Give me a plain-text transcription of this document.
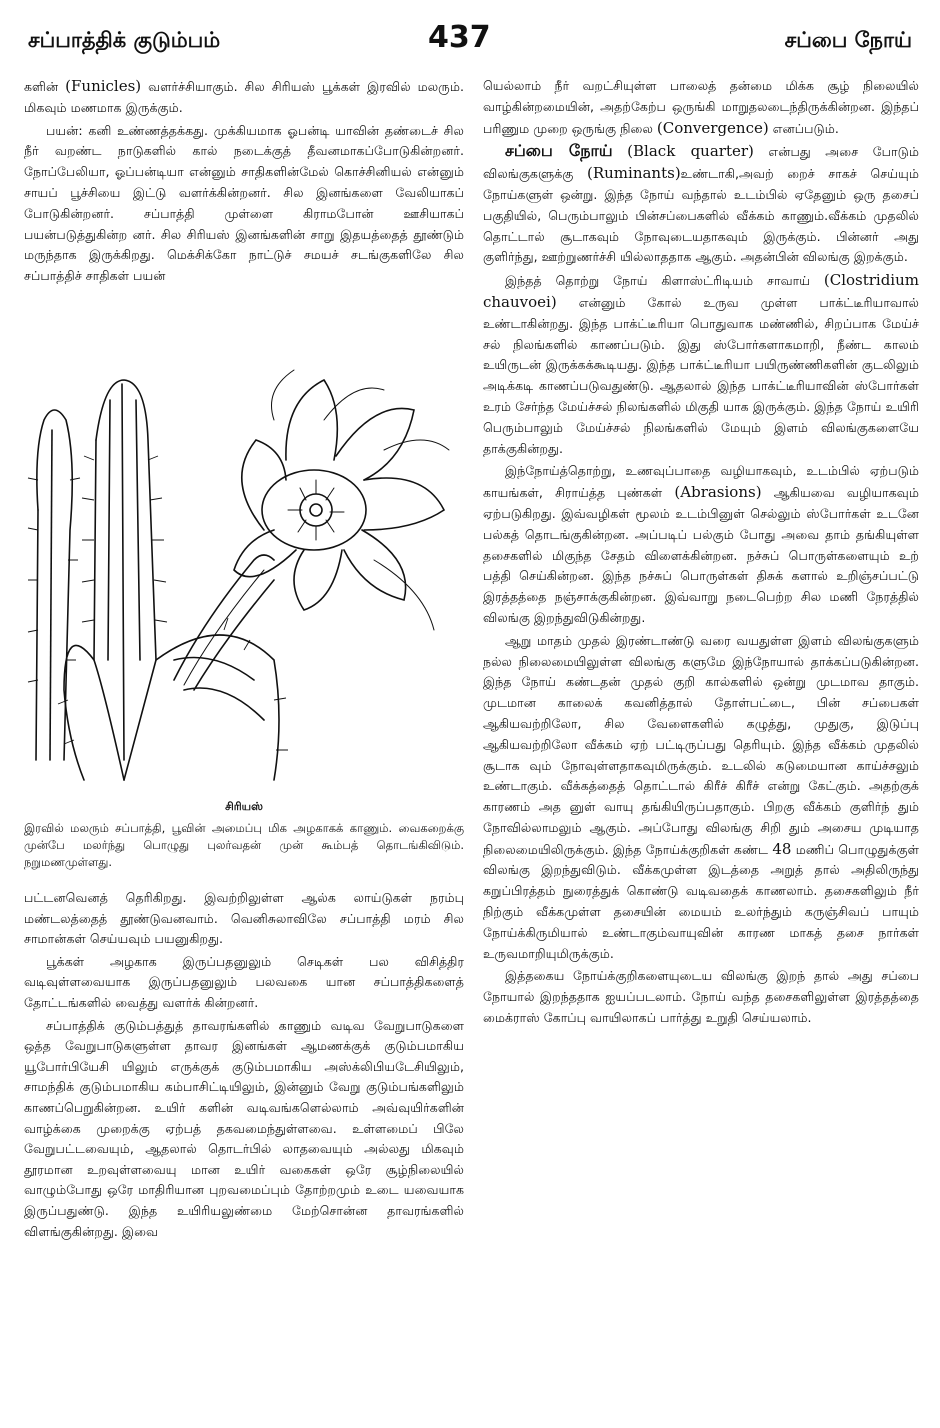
சப்பாத்திக் குடும்பம்	437	சப்பை நோய்

களின் (Funicles) வளர்ச்சியாகும். சில சிரியஸ் பூக்கள் இரவில் மலரும். மிகவும் மணமாக இருக்கும்.

பயன்: கனி உண்ணத்தக்கது. முக்கியமாக ஓபன்டி யாவின் தண்டைச் சில நீர் வறண்ட நாடுகளில் கால் நடைக்குத் தீவனமாகப்போடுகின்றனர். நோப்பேலியா, ஓப்பன்டியா என்னும் சாதிகளின்மேல் கொச்சினியல் என்னும் சாயப் பூச்சியை இட்டு வளர்க்கின்றனர். சில இனங்களை வேலியாகப் போடுகின்றனர். சப்பாத்தி முள்ளை கிராமபோன் ஊசியாகப் பயன்படுத்துகின்ற னர். சில சிரியஸ் இனங்களின் சாறு இதயத்தைத் தூண்டும் மருந்தாக இருக்கிறது. மெக்சிக்கோ நாட்டுச் சமயச் சடங்குகளிலே சில சப்பாத்திச் சாதிகள் பயன்

சிரியஸ்
இரவில் மலரும் சப்பாத்தி, பூவின் அமைப்பு மிக அழகாகக் காணும். வைகறைக்கு முன்பே மலர்ந்து பொழுது புலர்வதன் முன் கூம்பத் தொடங்கிவிடும். நறுமணமுள்ளது.

பட்டனவெனத் தெரிகிறது. இவற்றிலுள்ள ஆல்க லாய்டுகள் நரம்பு மண்டலத்தைத் தூண்டுவனவாம். வெனிசுலாவிலே சப்பாத்தி மரம் சில சாமான்கள் செய்யவும் பயனுகிறது.

பூக்கள் அழகாக இருப்பதனுலும் செடிகள் பல விசித்திர வடிவுள்ளவையாக இருப்பதனுலும் பலவகை யான சப்பாத்திகளைத் தோட்டங்களில் வைத்து வளர்க் கின்றனர்.

சப்பாத்திக் குடும்பத்துத் தாவரங்களில் காணும் வடிவ வேறுபாடுகளை ஒத்த வேறுபாடுகளுள்ள தாவர இனங்கள் ஆமணக்குக் குடும்பமாகிய யூபோர்பியேசி யிலும் எருக்குக் குடும்பமாகிய அஸ்க்லிபியடேசியிலும், சாமந்திக் குடும்பமாகிய கம்பாசிட்டியிலும், இன்னும் வேறு குடும்பங்களிலும் காணப்பெறுகின்றன. உயிர் களின் வடிவங்களெல்லாம் அவ்வுயிர்களின் வாழ்க்கை முறைக்கு ஏற்பத் தகவமைந்துள்ளவை. உள்ளமைப் பிலே வேறுபட்டவையும், ஆதலால் தொடர்பில் லாதவையும் அல்லது மிகவும் தூரமான உறவுள்ளவையு மான உயிர் வகைகள் ஒரே சூழ்நிலையில் வாழும்போது ஒரே மாதிரியான புறவமைப்பும் தோற்றமும் உடை யவையாக இருப்பதுண்டு. இந்த உயிரியலுண்மை மேற்சொன்ன தாவரங்களில் விளங்குகின்றது. இவை

யெல்லாம் நீர் வறட்சியுள்ள பாலைத் தன்மை மிக்க சூழ் நிலையில் வாழ்கின்றமையின், அதற்கேற்ப ஒருங்கி மாறுதலடைந்திருக்கின்றன. இந்தப் பரிணும முறை ஒருங்கு நிலை (Convergence) எனப்படும்.

சப்பை நோய் (Black quarter) என்பது அசை போடும் விலங்குகளுக்கு (Ruminants)உண்டாகி,அவற் றைச் சாகச் செய்யும் நோய்களுள் ஒன்று. இந்த நோய் வந்தால் உடம்பில் ஏதேனும் ஒரு தசைப் பகுதியில், பெரும்பாலும் பின்சப்பைகளில் வீக்கம் காணும்.வீக்கம் முதலில் தொட்டால் சூடாகவும் நோவுடையதாகவும் இருக்கும். பின்னர் அது குளிர்ந்து, ஊற்றுணர்ச்சி யில்லாததாக ஆகும். அதன்பின் விலங்கு இறக்கும்.

இந்தத் தொற்று நோய் கிளாஸ்ட்ரிடியம் சாவாய் (Clostridium chauvoei) என்னும் கோல் உருவ முள்ள பாக்ட்டீரியாவால் உண்டாகின்றது. இந்த பாக்ட்டீரியா பொதுவாக மண்ணில், சிறப்பாக மேய்ச் சல் நிலங்களில் காணப்படும். இது ஸ்போர்களாகமாறி, நீண்ட காலம் உயிருடன் இருக்கக்கூடியது. இந்த பாக்ட்டீரியா பயிருண்ணிகளின் குடலிலும் அடிக்கடி காணப்படுவதுண்டு. ஆதலால் இந்த பாக்ட்டீரியாவின் ஸ்போர்கள் உரம் சேர்ந்த மேய்ச்சல் நிலங்களில் மிகுதி யாக இருக்கும். இந்த நோய் உயிரி பெரும்பாலும் மேய்ச்சல் நிலங்களில் மேயும் இளம் விலங்குகளையே தாக்குகின்றது.

இந்நோய்த்தொற்று, உணவுப்பாதை வழியாகவும், உடம்பில் ஏற்படும் காயங்கள், சிராய்த்த புண்கள் (Abrasions) ஆகியவை வழியாகவும் ஏற்படுகிறது. இவ்வழிகள் மூலம் உடம்பினுள் செல்லும் ஸ்போர்கள் உடனே பல்கத் தொடங்குகின்றன. அப்படிப் பல்கும் போது அவை தாம் தங்கியுள்ள தசைகளில் மிகுந்த சேதம் விளைக்கின்றன. நச்சுப் பொருள்களையும் உற் பத்தி செய்கின்றன. இந்த நச்சுப் பொருள்கள் திசுக் களால் உறிஞ்சப்பட்டு இரத்தத்தை நஞ்சாக்குகின்றன. இவ்வாறு நடைபெற்ற சில மணி நேரத்தில் விலங்கு இறந்துவிடுகின்றது.

ஆறு மாதம் முதல் இரண்டாண்டு வரை வயதுள்ள இளம் விலங்குகளும் நல்ல நிலைமையிலுள்ள விலங்கு களுமே இந்நோயால் தாக்கப்படுகின்றன. இந்த நோய் கண்டதன் முதல் குறி கால்களில் ஒன்று முடமாவ தாகும். முடமான காலைக் கவனித்தால் தோள்பட்டை, பின் சப்பைகள் ஆகியவற்றிலோ, சில வேளைகளில் கழுத்து, முதுகு, இடுப்பு ஆகியவற்றிலோ வீக்கம் ஏற் பட்டிருப்பது தெரியும். இந்த வீக்கம் முதலில் சூடாக வும் நோவுள்ளதாகவுமிருக்கும். உடலில் கடுமையான காய்ச்சலும் உண்டாகும். வீக்கத்தைத் தொட்டால் கிரீச் கிரீச் என்று கேட்கும். அதற்குக் காரணம் அத னுள் வாயு தங்கியிருப்பதாகும். பிறகு வீக்கம் குளிர்ந் தும் நோவில்லாமலும் ஆகும். அப்போது விலங்கு சிறி தும் அசைய முடியாத நிலைமையிலிருக்கும். இந்த நோய்க்குறிகள் கண்ட 48 மணிப் பொழுதுக்குள் விலங்கு இறந்துவிடும். வீக்கமுள்ள இடத்தை அறுத் தால் அதிலிருந்து கறுப்பிரத்தம் நுரைத்துக் கொண்டு வடிவதைக் காணலாம். தசைகளிலும் நீர் நிற்கும் வீக்கமுள்ள தசையின் மையம் உலர்ந்தும் கருஞ்சிவப் பாயும் நோய்க்கிருமியால் உண்டாகும்வாயுவின் காரண மாகத் தசை நார்கள் உருவமாறியுமிருக்கும்.

இத்தகைய நோய்க்குறிகளையுடைய விலங்கு இறந் தால் அது சப்பை நோயால் இறந்ததாக ஐயப்படலாம். நோய் வந்த தசைகளிலுள்ள இரத்தத்தை மைக்ராஸ் கோப்பு வாயிலாகப் பார்த்து உறுதி செய்யலாம்.
